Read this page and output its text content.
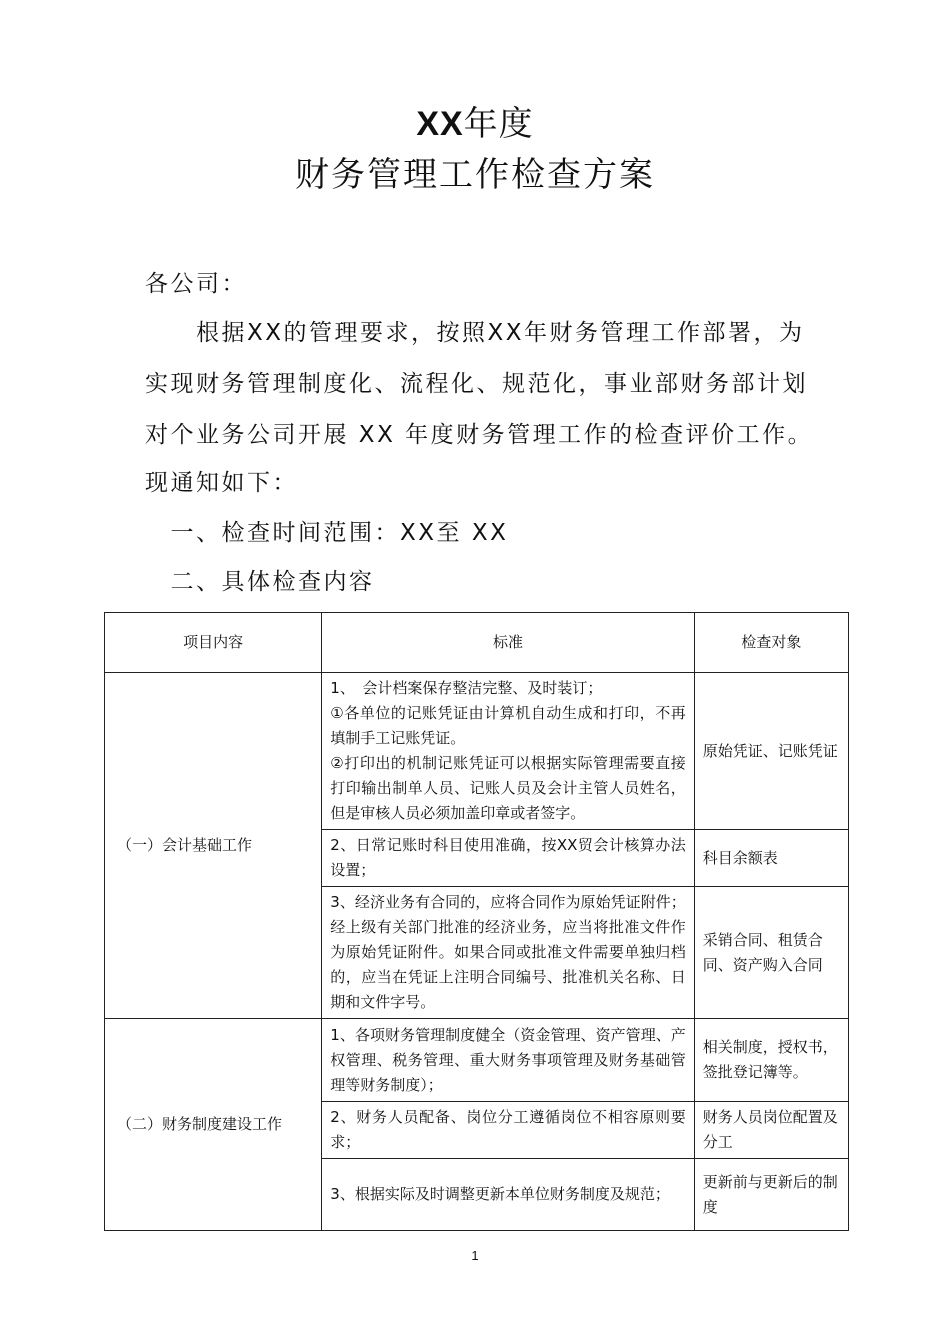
XX年度
财务管理工作检查方案
各公司：
　　根据XX的管理要求，按照XX年财务管理工作部署，为
实现财务管理制度化、流程化、规范化，事业部财务部计划
对个业务公司开展 XX 年度财务管理工作的检查评价工作。
现通知如下：
　一、检查时间范围：XX至 XX
　二、具体检查内容
项目内容	标准	检查对象
（一）会计基础工作	1、　会计档案保存整洁完整、及时装订；
①各单位的记账凭证由计算机自动生成和打印，不再填制手工记账凭证。
②打印出的机制记账凭证可以根据实际管理需要直接打印输出制单人员、记账人员及会计主管人员姓名，但是审核人员必须加盖印章或者签字。	原始凭证、记账凭证

	2、日常记账时科目使用准确，按XX贸会计核算办法设置；	科目余额表

	3、经济业务有合同的，应将合同作为原始凭证附件；经上级有关部门批准的经济业务，应当将批准文件作为原始凭证附件。如果合同或批准文件需要单独归档的，应当在凭证上注明合同编号、批准机关名称、日期和文件字号。	采销合同、租赁合同、资产购入合同
（二）财务制度建设工作	1、各项财务管理制度健全（资金管理、资产管理、产权管理、税务管理、重大财务事项管理及财务基础管理等财务制度）；	相关制度，授权书，签批登记簿等。

	2、财务人员配备、岗位分工遵循岗位不相容原则要求；	财务人员岗位配置及分工

	3、根据实际及时调整更新本单位财务制度及规范；	更新前与更新后的制度
1
